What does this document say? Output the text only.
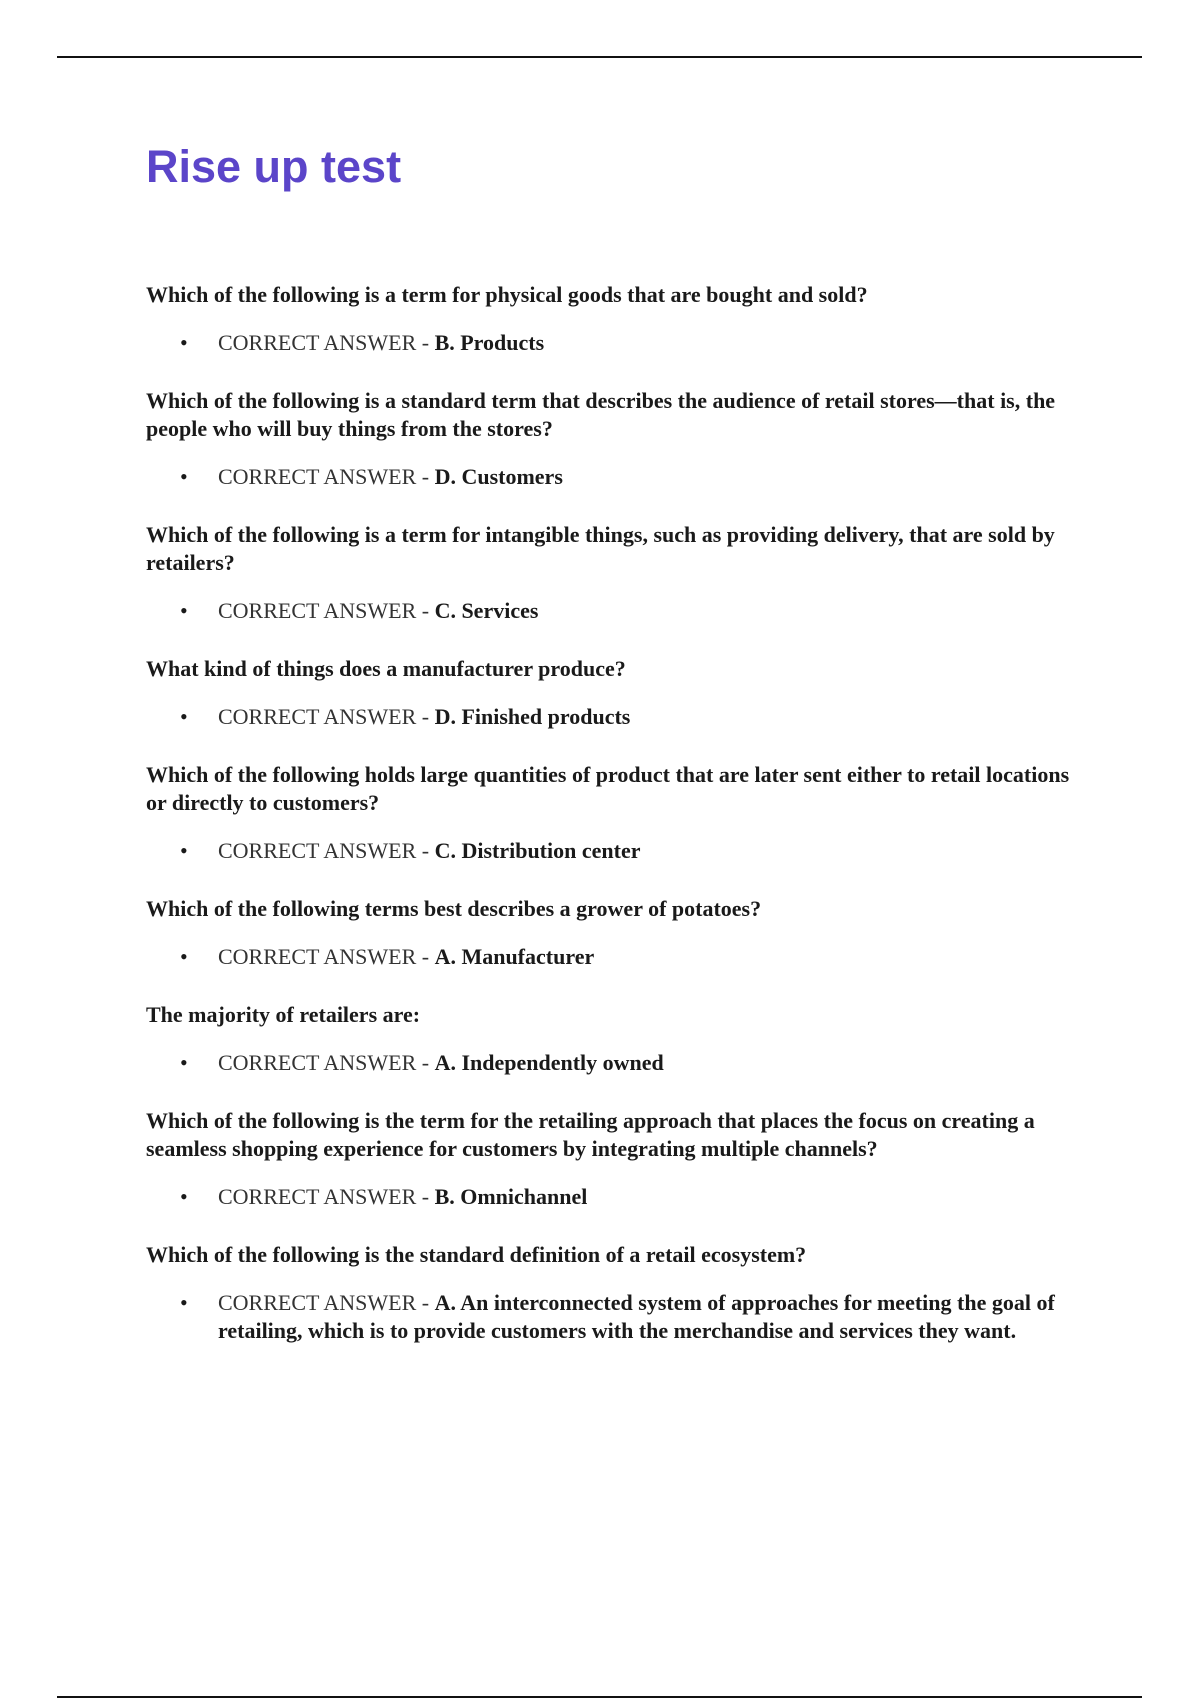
Rise up test

Which of the following is a term for physical goods that are bought and sold?

• CORRECT ANSWER - B. Products

Which of the following is a standard term that describes the audience of retail stores—that is, the people who will buy things from the stores?

• CORRECT ANSWER - D. Customers

Which of the following is a term for intangible things, such as providing delivery, that are sold by retailers?

• CORRECT ANSWER - C. Services

What kind of things does a manufacturer produce?

• CORRECT ANSWER - D. Finished products

Which of the following holds large quantities of product that are later sent either to retail locations or directly to customers?

• CORRECT ANSWER - C. Distribution center

Which of the following terms best describes a grower of potatoes?

• CORRECT ANSWER - A. Manufacturer

The majority of retailers are:

• CORRECT ANSWER - A. Independently owned

Which of the following is the term for the retailing approach that places the focus on creating a seamless shopping experience for customers by integrating multiple channels?

• CORRECT ANSWER - B. Omnichannel

Which of the following is the standard definition of a retail ecosystem?

• CORRECT ANSWER - A. An interconnected system of approaches for meeting the goal of retailing, which is to provide customers with the merchandise and services they want.
